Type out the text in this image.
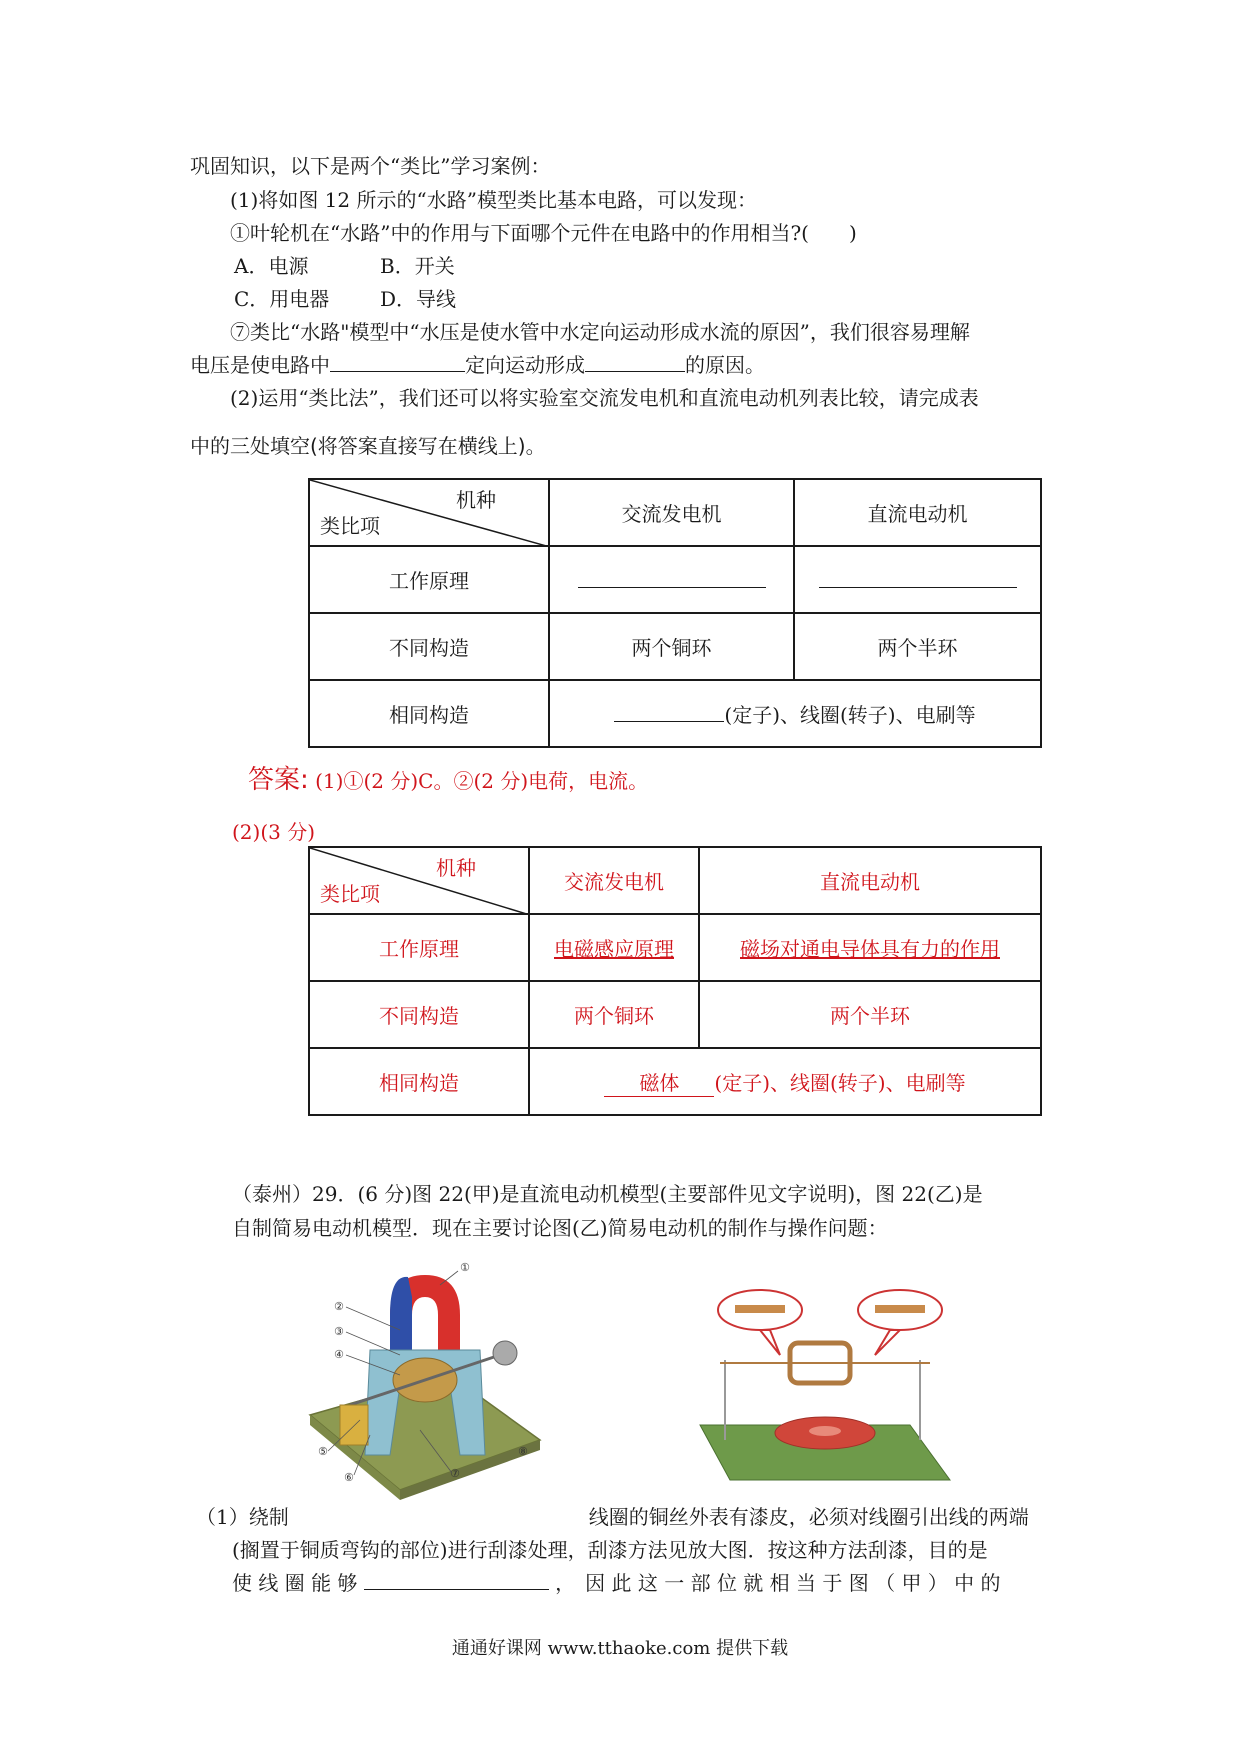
巩固知识，以下是两个“类比”学习案例：
(1)将如图 12 所示的“水路”模型类比基本电路，可以发现：
①叶轮机在“水路”中的作用与下面哪个元件在电路中的作用相当?(　　)
A．电源	B．开关
C．用电器	D．导线
⑦类比“水路"模型中“水压是使水管中水定向运动形成水流的原因”，我们很容易理解
电压是使电路中	定向运动形成	的原因。
(2)运用“类比法”，我们还可以将实验室交流发电机和直流电动机列表比较，请完成表
中的三处填空(将答案直接写在横线上)。
机种
类比项	交流发电机	直流电动机
工作原理		
不同构造	两个铜环	两个半环
相同构造	(定子)、线圈(转子)、电刷等	
答案: (1)①(2 分)C。②(2 分)电荷，电流。
(2)(3 分)
机种
类比项	交流发电机	直流电动机
工作原理	电磁感应原理	磁场对通电导体具有力的作用
不同构造	两个铜环	两个半环
相同构造	磁体 (定子)、线圈(转子)、电刷等	
（泰州）29．(6 分)图 22(甲)是直流电动机模型(主要部件见文字说明)，图 22(乙)是
自制简易电动机模型．现在主要讨论图(乙)简易电动机的制作与操作问题：
①
②
③
④
⑤
⑥	⑦
⑧
（1）绕制	线圈的铜丝外表有漆皮，必须对线圈引出线的两端
(搁置于铜质弯钩的部位)进行刮漆处理，刮漆方法见放大图．按这种方法刮漆，目的是
使 线 圈 能 够	，　因 此 这 一 部 位 就 相 当 于 图 （ 甲 ） 中 的
通通好课网 www.tthaoke.com 提供下载
